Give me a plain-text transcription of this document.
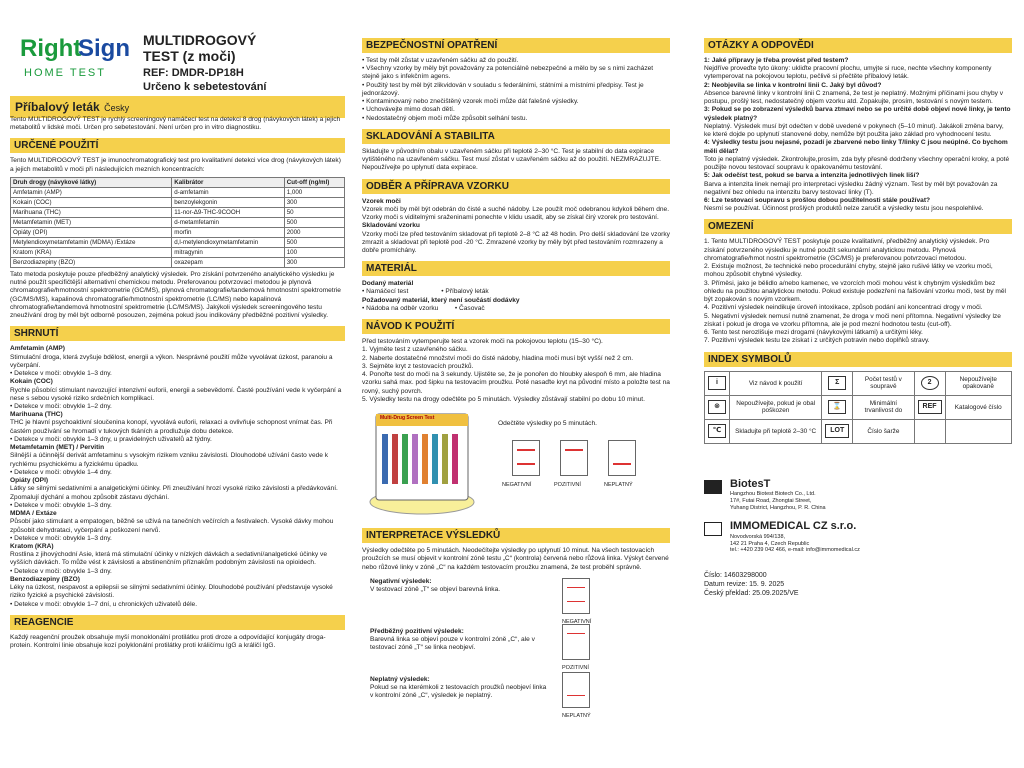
Right
Sign
HOME TEST
MULTIDROGOVÝ
TEST (z moči)
REF: DMDR-DP18H
Určeno k sebetestování
Příbalový leták Česky

Tento MULTIDROGOVÝ TEST je rychlý screeningový namáčecí test na detekci 8 drog (návykových látek) a jejich metabolitů v lidské moči. Určen pro sebetestování. Není určen pro in vitro diagnostiku.

URČENÉ POUŽITÍ

Tento MULTIDROGOVÝ TEST je imunochromatografický test pro kvalitativní detekci více drog (návykových látek) a jejich metabolitů v moči při následujících mezních koncentracích:

Druh drogy (návykové látky)	Kalibrátor	Cut-off (ng/ml)
Amfetamin (AMP)	d-amfetamin	1,000
Kokain (COC)	benzoylekgonin	300
Marihuana (THC)	11-nor-Δ9-THC-9COOH	50
Metamfetamin (MET)	d-metamfetamin	500
Opiáty (OPI)	morfin	2000
Metylendioxymetamfetamin (MDMA) /Extáze	d,l-metylendioxymetamfetamin	500
Kratom (KRA)	mitragynin	100
Benzodiazepiny (BZO)	oxazepam	300

Tato metoda poskytuje pouze předběžný analytický výsledek. Pro získání potvrzeného analytického výsledku je nutné použít specifičtější alternativní chemickou metodu. Preferovanou potvrzovací metodou je plynová chromatografie/hmotnostní spektrometrie (GC/MS), plynová chromatografie/tandemová hmotnostní spektrometrie (GC/MS/MS), kapalinová chromatografie/hmotnostní spektrometrie (LC/MS) nebo kapalinová chromatografie/tandemová hmotnostní spektrometrie (LC/MS/MS). Jakýkoli výsledek screeningového testu zneužívání drog by měl být odborně posouzen, zejména pokud jsou indikovány předběžné pozitivní výsledky.

SHRNUTÍ

Amfetamin (AMP)

Stimulační droga, která zvyšuje bdělost, energii a výkon. Nesprávné použití může vyvolávat úzkost, paranoiu a vyčerpání.

• Detekce v moči: obvykle 1–3 dny.

Kokain (COC)

Rychle působící stimulant navozující intenzivní euforii, energii a sebevědomí. Časté používání vede k vyčerpání a nese s sebou vysoké riziko srdečních komplikací.

• Detekce v moči: obvykle 1–2 dny.

Marihuana (THC)

THC je hlavní psychoaktivní sloučenina konopí, vyvolává euforii, relaxaci a ovlivňuje schopnost vnímat čas. Při častém používání se hromadí v tukových tkáních a prodlužuje dobu detekce.

• Detekce v moči: obvykle 1–3 dny, u pravidelných uživatelů až týdny.

Metamfetamin (MET) / Pervitin

Silnější a účinnější derivát amfetaminu s vysokým rizikem vzniku závislosti. Dlouhodobé užívání často vede k rychlému psychickému a fyzickému úpadku.

• Detekce v moči: obvykle 1–4 dny.

Opiáty (OPI)

Látky se silnými sedativními a analgetickými účinky. Při zneužívání hrozí vysoké riziko závislosti a předávkování. Zpomalují dýchání a mohou způsobit zástavu dýchání.

• Detekce v moči: obvykle 1–3 dny.

MDMA / Extáze

Působí jako stimulant a empatogen, běžně se užívá na tanečních večírcích a festivalech. Vysoké dávky mohou způsobit dehydrataci, vyčerpání a poškození nervů.

• Detekce v moči: obvykle 1–3 dny.

Kratom (KRA)

Rostlina z jihovýchodní Asie, která má stimulační účinky v nízkých dávkách a sedativní/analgetické účinky ve vyšších dávkách. To může vést k závislosti a abstinenčním příznakům podobným závislosti na opioidech.

• Detekce v moči: obvykle 1–3 dny.

Benzodiazepiny (BZO)

Léky na úzkost, nespavost a epilepsii se silnými sedativními účinky. Dlouhodobé používání představuje vysoké riziko fyzické a psychické závislosti.

• Detekce v moči: obvykle 1–7 dní, u chronických uživatelů déle.

REAGENCIE

Každý reagenční proužek obsahuje myší monoklonální protilátku proti droze a odpovídající konjugáty droga-protein. Kontrolní linie obsahuje kozí polyklonální protilátky proti králičímu IgG a králičí IgG.

BEZPEČNOSTNÍ OPATŘENÍ
• Test by měl zůstat v uzavřeném sáčku až do použití.
• Všechny vzorky by měly být považovány za potenciálně nebezpečné a mělo by se s nimi zacházet stejně jako s infekčním agens.
• Použitý test by měl být zlikvidován v souladu s federálními, státními a místními předpisy. Test je jednorázový.
• Kontaminovaný nebo znečištěný vzorek moči může dát falešné výsledky.
• Uchovávejte mimo dosah dětí.
• Nedostatečný objem moči může způsobit selhání testu.
SKLADOVÁNÍ A STABILITA

Skladujte v původním obalu v uzavřeném sáčku při teplotě 2–30 °C. Test je stabilní do data expirace vytištěného na uzavřeném sáčku. Test musí zůstat v uzavřeném sáčku až do použití. NEZMRAZUJTE. Nepoužívejte po uplynutí data expirace.

ODBĚR A PŘÍPRAVA VZORKU

Vzorek moči

Vzorek moči by měl být odebrán do čisté a suché nádoby. Lze použít moč odebranou kdykoli během dne. Vzorky moči s viditelnými sraženinami ponechte v klidu usadit, aby se získal čirý vzorek pro testování.

Skladování vzorku

Vzorky moči lze před testováním skladovat při teplotě 2–8 °C až 48 hodin. Pro delší skladování lze vzorky zmrazit a skladovat při teplotě pod -20 °C. Zmrazené vzorky by měly být před testováním rozmrazeny a dobře promíchány.

MATERIÁL

Dodaný materiál

• Namáčecí test	• Příbalový leták

Požadovaný materiál, který není součástí dodávky

• Nádoba na odběr vzorku	• Časovač

NÁVOD K POUŽITÍ

Před testováním vytemperujte test a vzorek moči na pokojovou teplotu (15–30 °C).

1. Vyjměte test z uzavřeného sáčku.

2. Naberte dostatečné množství moči do čisté nádoby, hladina moči musí být vyšší než 2 cm.

3. Sejměte kryt z testovacích proužků.

4. Ponořte test do moči na 3 sekundy. Ujistěte se, že je ponořen do hloubky alespoň 6 mm, ale hladina vzorku sahá max. pod šipku na testovacím proužku. Poté nasaďte kryt na původní místo a položte test na rovný, suchý povrch.

5. Výsledky testu na drogy odečtěte po 5 minutách. Výsledky zůstávají stabilní po dobu 10 minut.

Multi-Drug Screen Test

Odečtěte výsledky po 5 minutách.

NEGATIVNÍ	POZITIVNÍ	NEPLATNÝ
INTERPRETACE VÝSLEDKŮ

Výsledky odečtěte po 5 minutách. Neodečítejte výsledky po uplynutí 10 minut. Na všech testovacích proužcích se musí objevit v kontrolní zóně testu „C“ (kontrola) červená nebo růžová linka. Výskyt červené nebo růžové linky v zóně „C“ na každém testovacím proužku znamená, že test proběhl správně.

Negativní výsledek:

V testovací zóně „T“ se objeví barevná linka.

NEGATIVNÍ

Předběžný pozitivní výsledek:

Barevná linka se objeví pouze v kontrolní zóně „C“, ale v testovací zóně „T“ se linka neobjeví.

POZITIVNÍ

Neplatný výsledek:

Pokud se na kterémkoli z testovacích proužků neobjeví linka v kontrolní zóně „C“, výsledek je neplatný.

NEPLATNÝ

OTÁZKY A ODPOVĚDI

1: Jaké přípravy je třeba provést před testem?

Nejdříve proveďte tyto úkony: ukliďte pracovní plochu, umyjte si ruce, nechte všechny komponenty vytemperovat na pokojovou teplotu, pečlivě si přečtěte příbalový leták.

2: Neobjevila se linka v kontrolní linii C. Jaký byl důvod?

Absence barevné linky v kontrolní linii C znamená, že test je neplatný. Možnými příčinami jsou chyby v postupu, prošlý test, nedostatečný objem vzorku atd. Zopakujte, prosím, testování s novým testem.

3: Pokud se po zobrazení výsledků barva ztmaví nebo se po určité době objeví nové linky, je tento výsledek platný?

Neplatný. Výsledek musí být odečten v době uvedené v pokynech (5–10 minut). Jakákoli změna barvy, ke které dojde po uplynutí stanovené doby, nemůže být použita jako základ pro vyhodnocení testu.

4: Výsledky testu jsou nejasné, pozadí je zbarvené nebo linky T/linky C jsou neúplné. Co bychom měli dělat?

Toto je neplatný výsledek. Zkontrolujte,prosím, zda byly přesně dodrženy všechny operační kroky, a poté použijte novou testovací soupravu k opakovanému testování.

5: Jak odečíst test, pokud se barva a intenzita jednotlivých linek liší?

Barva a intenzita linek nemají pro interpretaci výsledku žádný význam. Test by měl být považován za negativní bez ohledu na intenzitu barvy testovací linky (T).

6: Lze testovací soupravu s prošlou dobou použitelnosti stále používat?

Nesmí se používat. Účinnost prošlých produktů nelze zaručit a výsledky testu jsou nespolehlivé.

OMEZENÍ

1. Tento MULTIDROGOVÝ TEST poskytuje pouze kvalitativní, předběžný analytický výsledek. Pro získání potvrzeného výsledku je nutné použít sekundární analytickou metodu. Plynová chromatografie/hmot nostní spektrometrie (GC/MS) je preferovanou potvrzovací metodou.

2. Existuje možnost, že technické nebo procedurální chyby, stejně jako rušivé látky ve vzorku moči, mohou způsobit chybné výsledky.

3. Příměsi, jako je bělidlo a/nebo kamenec, ve vzorcích moči mohou vést k chybným výsledkům bez ohledu na použitou analytickou metodu. Pokud existuje podezření na falšování vzorku moči, test by měl být zopakován s novým vzorkem.

4. Pozitivní výsledek neindikuje úroveň intoxikace, způsob podání ani koncentraci drogy v moči.

5. Negativní výsledek nemusí nutně znamenat, že droga v moči není přítomna. Negativní výsledky lze získat i pokud je droga ve vzorku přítomna, ale je pod mezní hodnotou testu (cut-off).

6. Tento test nerozlišuje mezi drogami (návykovými látkami) a určitými léky.

7. Pozitivní výsledek testu lze získat i z určitých potravin nebo doplňků stravy.

INDEX SYMBOLŮ
i	Viz návod k použití	Σ	Počet testů v soupravě	2	Nepoužívejte opakovaně
⊗	Nepoužívejte, pokud je obal poškozen	⌛	Minimální trvanlivost do	REF	Katalogové číslo
℃	Skladujte při teplotě 2–30 °C	LOT	Číslo šarže		

BiotesT

Hangzhou Biotest Biotech Co., Ltd.

17#, Futai Road, Zhongtai Street,

Yuhang District, Hangzhou, P. R. China

IMMOMEDICAL CZ s.r.o.

Novodvorská 994/138,

142 21 Praha 4, Czech Republic

tel.: +420 239 042 466, e-mail: info@immomedical.cz

Číslo: 14603298000

Datum revize: 15. 9. 2025

Český překlad: 25.09.2025/VE
